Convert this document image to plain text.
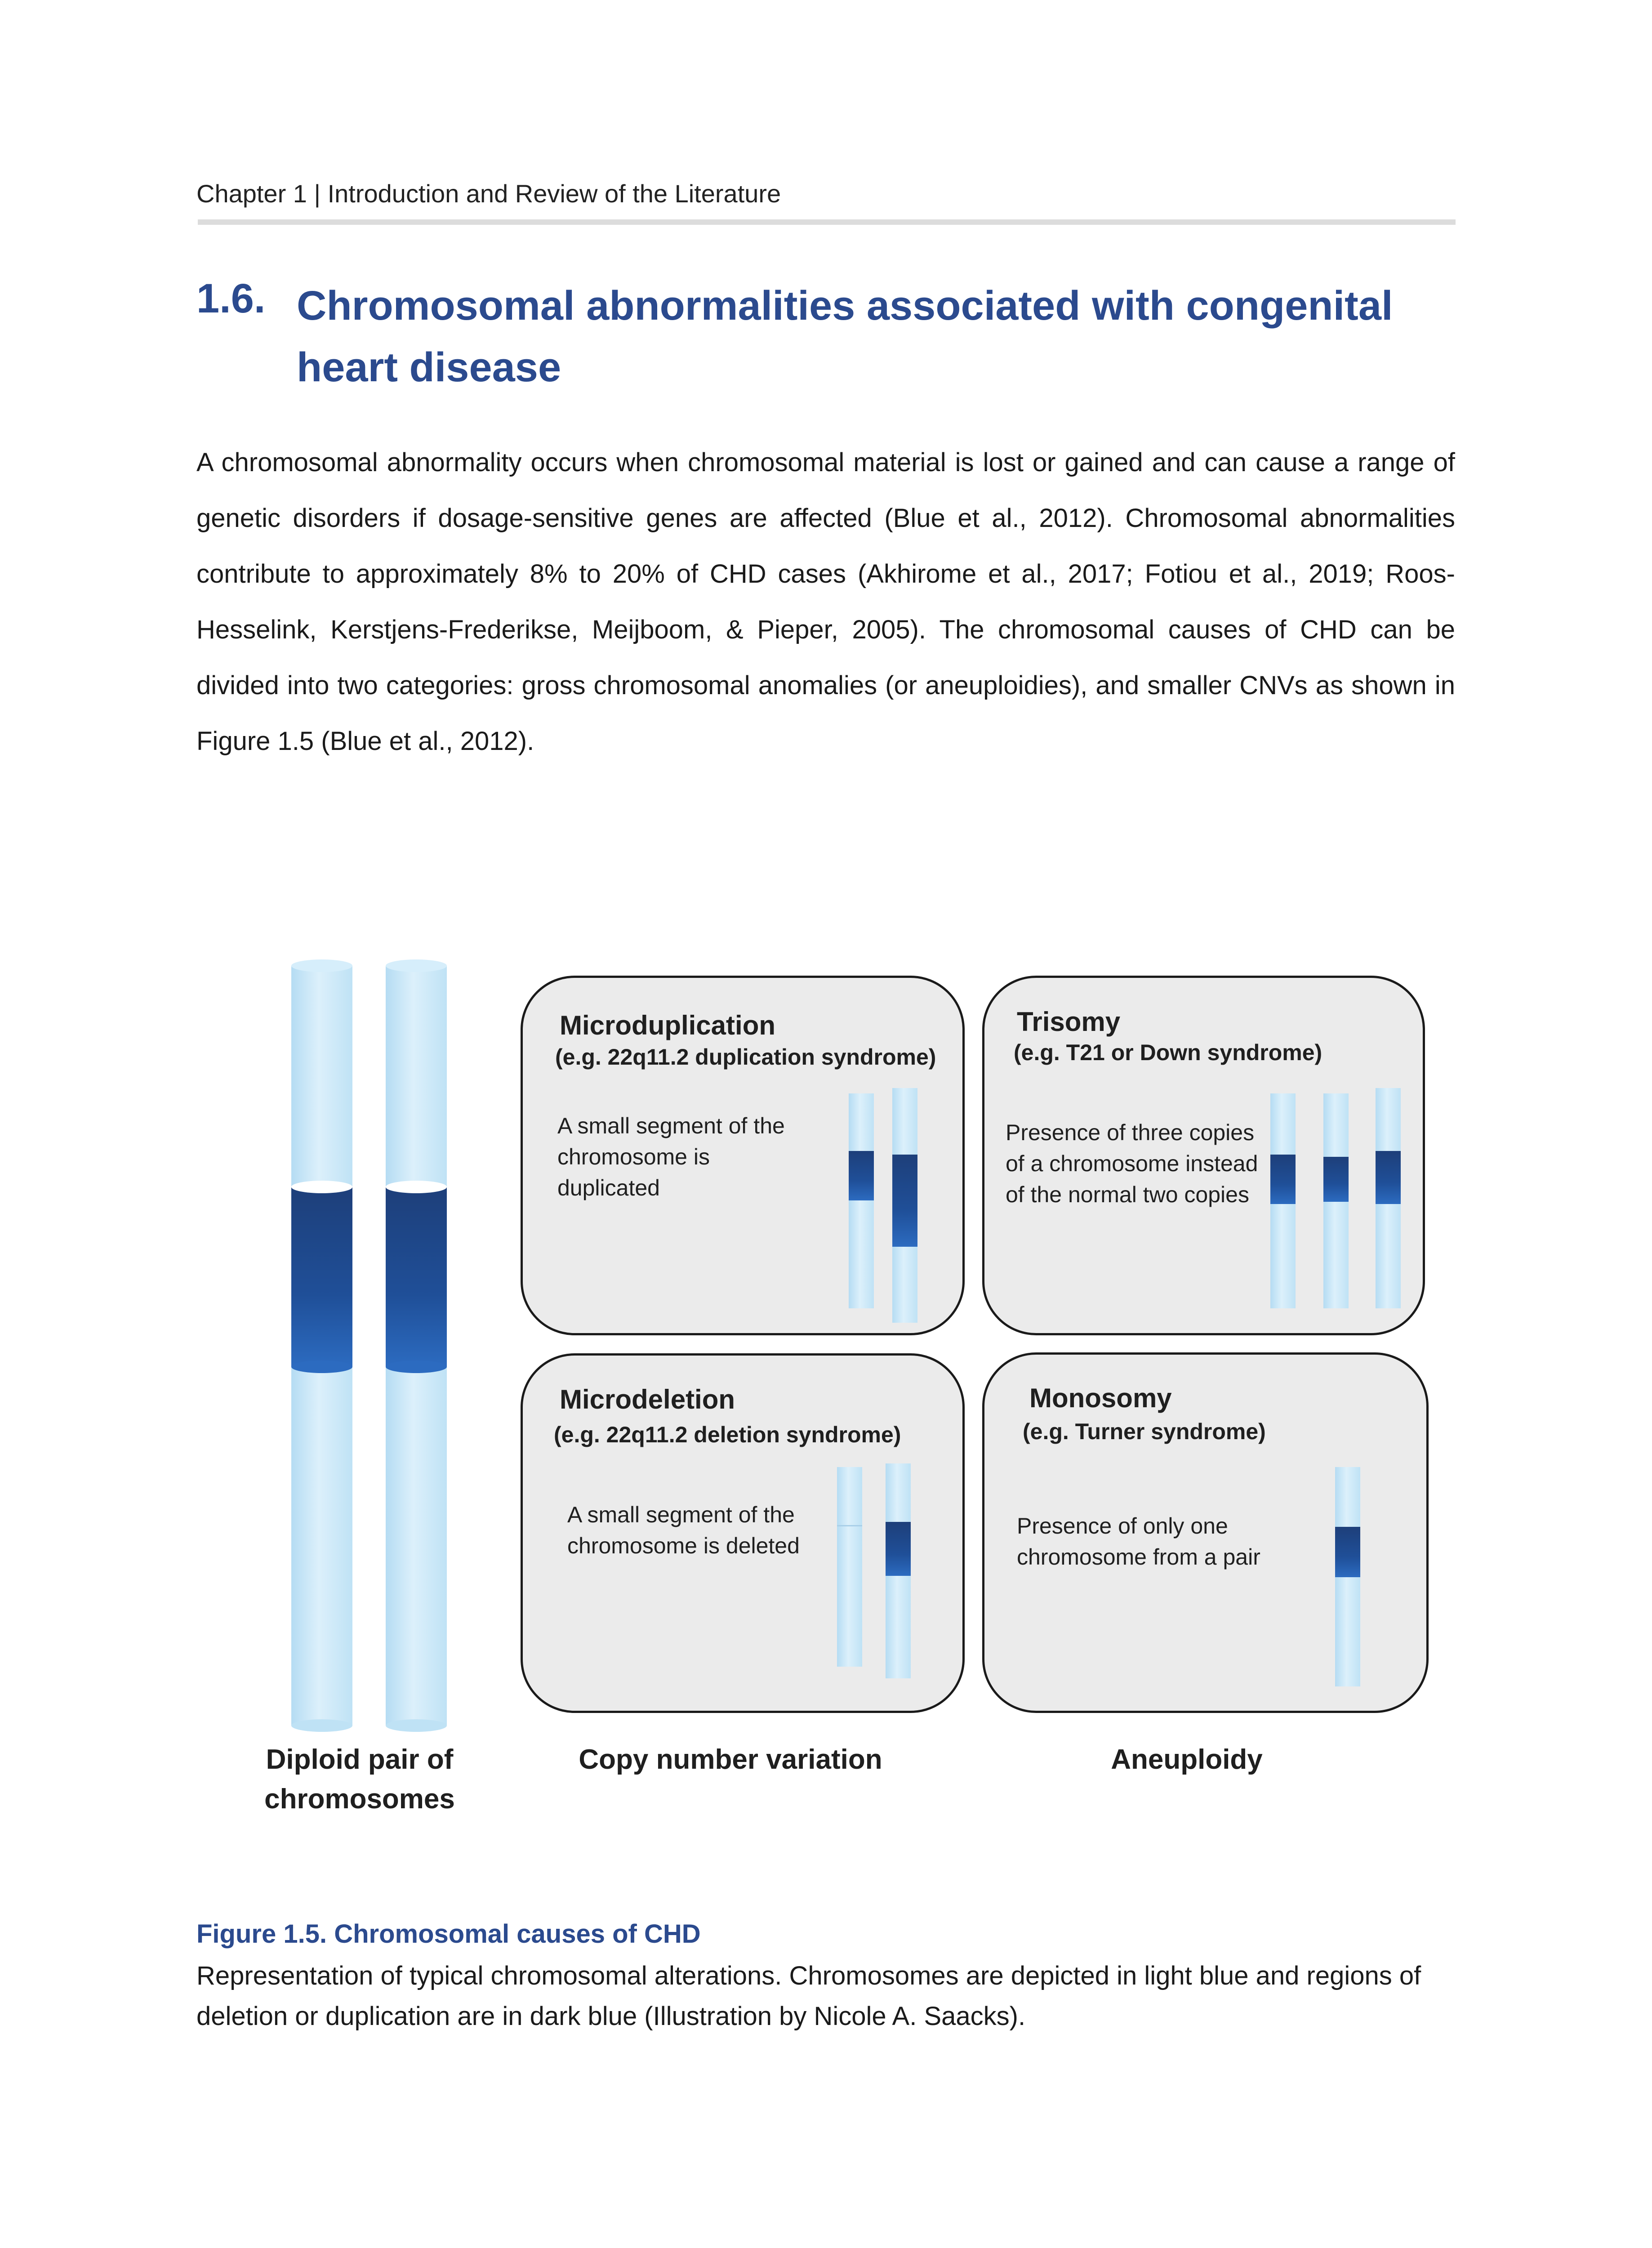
Chapter 1 | Introduction and Review of the Literature
1.6. Chromosomal abnormalities associated with congenital heart disease
A chromosomal abnormality occurs when chromosomal material is lost or gained and can cause a range of genetic disorders if dosage-sensitive genes are affected (Blue et al., 2012). Chromosomal abnormalities contribute to approximately 8% to 20% of CHD cases (Akhirome et al., 2017; Fotiou et al., 2019; Roos-Hesselink, Kerstjens-Frederikse, Meijboom, & Pieper, 2005). The chromosomal causes of CHD can be divided into two categories: gross chromosomal anomalies (or aneuploidies), and smaller CNVs as shown in Figure 1.5 (Blue et al., 2012).
Microduplication
(e.g. 22q11.2 duplication syndrome)
A small segment of the chromosome is duplicated
Trisomy
(e.g. T21 or Down syndrome)
Presence of three copies of a chromosome instead of the normal two copies
Microdeletion
(e.g. 22q11.2 deletion syndrome)
A small segment of the chromosome is deleted
Monosomy
(e.g. Turner syndrome)
Presence of only one chromosome from a pair
Diploid pair of chromosomes
Copy number variation	Aneuploidy
Figure 1.5. Chromosomal causes of CHD
Representation of typical chromosomal alterations. Chromosomes are depicted in light blue and regions of deletion or duplication are in dark blue (Illustration by Nicole A. Saacks).
